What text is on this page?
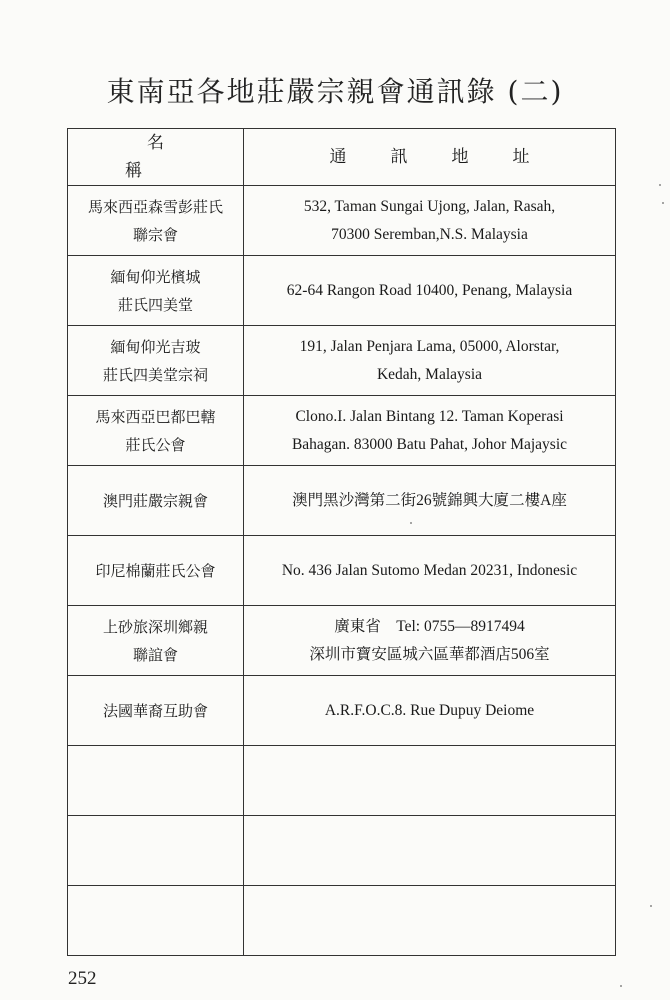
東南亞各地莊嚴宗親會通訊錄 (二)
名稱	通訊地址

馬來西亞森雪彭莊氏
聯宗會	532, Taman Sungai Ujong, Jalan, Rasah,
70300 Seremban,N.S. Malaysia

緬甸仰光檳城
莊氏四美堂	62-64 Rangon Road 10400, Penang, Malaysia

緬甸仰光吉玻
莊氏四美堂宗祠	191, Jalan Penjara Lama, 05000, Alorstar,
Kedah, Malaysia

馬來西亞巴都巴轄
莊氏公會	Clono.I. Jalan Bintang 12. Taman Koperasi
Bahagan. 83000 Batu Pahat, Johor Majaysic

澳門莊嚴宗親會	澳門黑沙灣第二街26號錦興大廈二樓A座

印尼棉蘭莊氏公會	No. 436 Jalan Sutomo Medan 20231, Indonesic

上砂旅深圳鄉親
聯誼會	廣東省　Tel: 0755—8917494
深圳市寶安區城六區華都酒店506室

法國華裔互助會	A.R.F.O.C.8. Rue Dupuy Deiome

252
